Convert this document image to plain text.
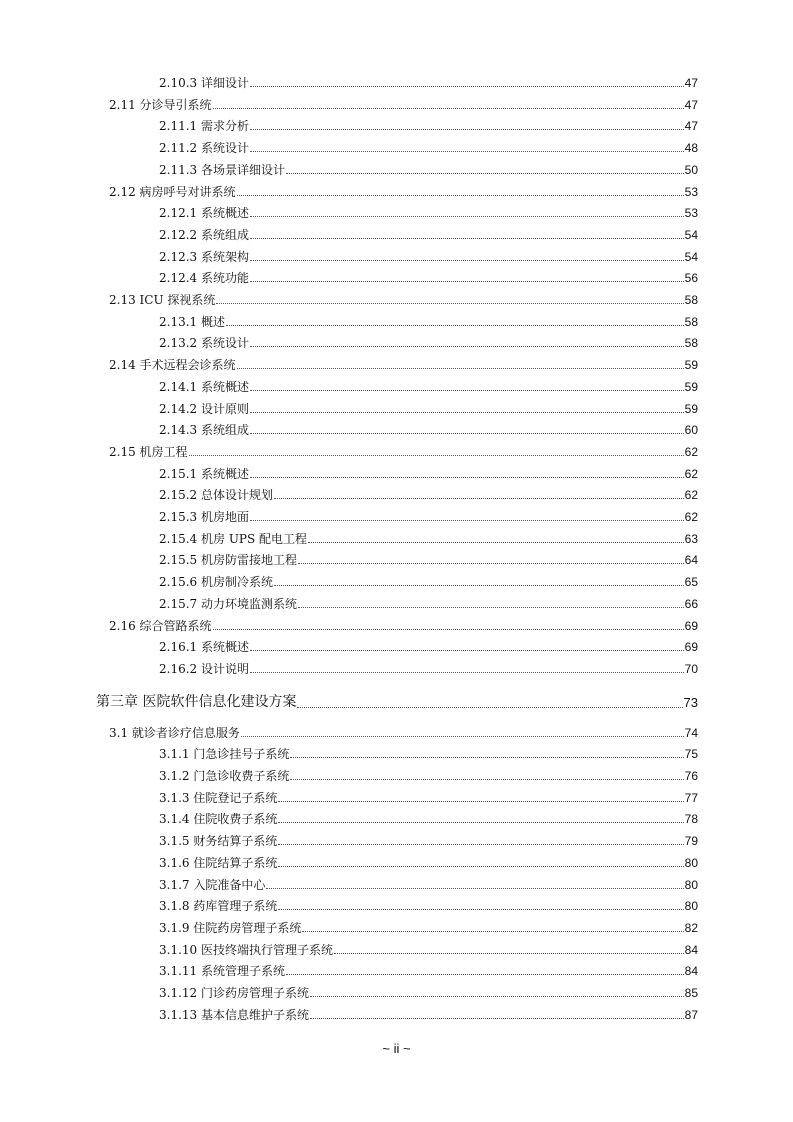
2.10.3 详细设计	47
2.11 分诊导引系统	47
2.11.1 需求分析	47
2.11.2 系统设计	48
2.11.3 各场景详细设计	50
2.12 病房呼号对讲系统	53
2.12.1 系统概述	53
2.12.2 系统组成	54
2.12.3 系统架构	54
2.12.4 系统功能	56
2.13 ICU 探视系统	58
2.13.1 概述	58
2.13.2 系统设计	58
2.14 手术远程会诊系统	59
2.14.1 系统概述	59
2.14.2 设计原则	59
2.14.3 系统组成	60
2.15 机房工程	62
2.15.1 系统概述	62
2.15.2 总体设计规划	62
2.15.3 机房地面	62
2.15.4 机房 UPS 配电工程	63
2.15.5 机房防雷接地工程	64
2.15.6 机房制冷系统	65
2.15.7 动力环境监测系统	66
2.16 综合管路系统	69
2.16.1 系统概述	69
2.16.2 设计说明	70
第三章 医院软件信息化建设方案	73
3.1 就诊者诊疗信息服务	74
3.1.1 门急诊挂号子系统	75
3.1.2 门急诊收费子系统	76
3.1.3 住院登记子系统	77
3.1.4 住院收费子系统	78
3.1.5 财务结算子系统	79
3.1.6 住院结算子系统	80
3.1.7 入院准备中心	80
3.1.8 药库管理子系统	80
3.1.9 住院药房管理子系统	82
3.1.10 医技终端执行管理子系统	84
3.1.11 系统管理子系统	84
3.1.12 门诊药房管理子系统	85
3.1.13 基本信息维护子系统	87
~ ii ~
